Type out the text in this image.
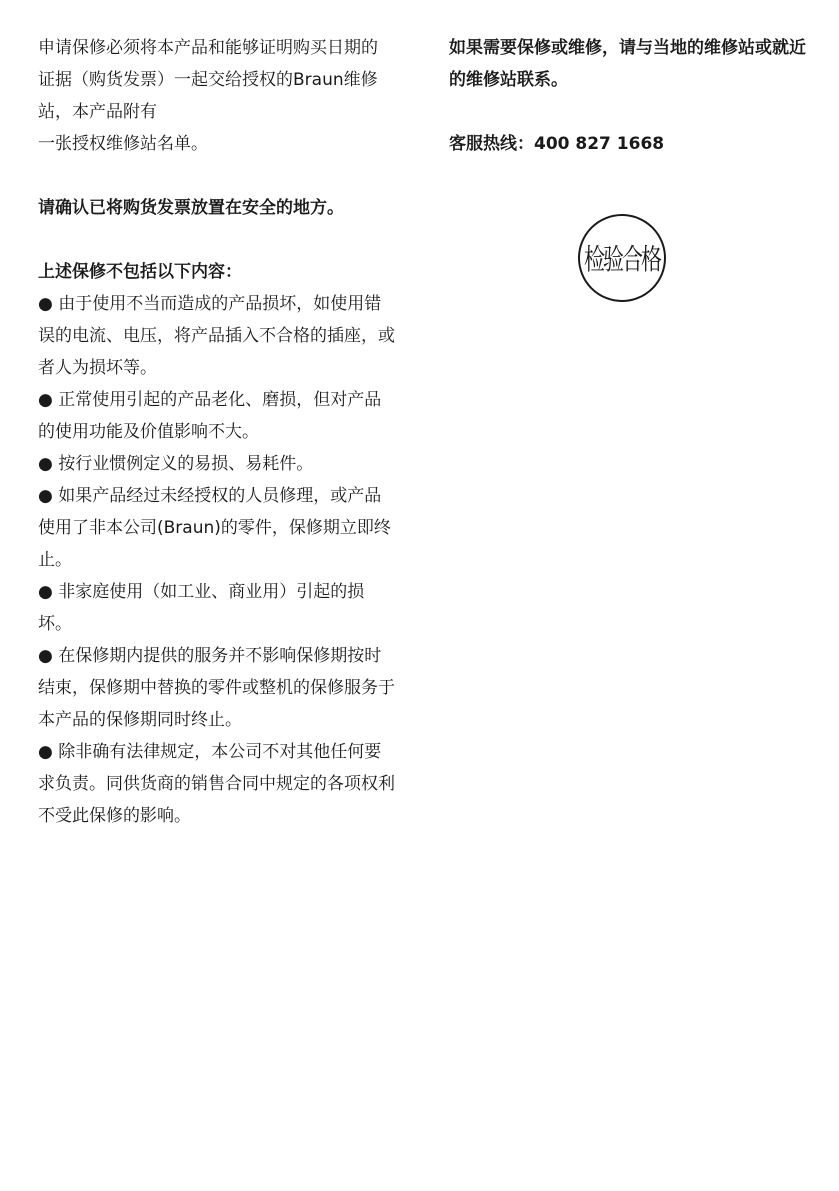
申请保修必须将本产品和能够证明购买日期的证据（购货发票）一起交给授权的Braun维修站，本产品附有

一张授权维修站名单。

请确认已将购货发票放置在安全的地方。

上述保修不包括以下内容：

● 由于使用不当而造成的产品损坏，如使用错误的电流、电压，将产品插入不合格的插座，或者人为损坏等。

● 正常使用引起的产品老化、磨损，但对产品的使用功能及价值影响不大。

● 按行业惯例定义的易损、易耗件。

● 如果产品经过未经授权的人员修理，或产品使用了非本公司(Braun)的零件，保修期立即终止。

● 非家庭使用（如工业、商业用）引起的损坏。

● 在保修期内提供的服务并不影响保修期按时结束，保修期中替换的零件或整机的保修服务于本产品的保修期同时终止。

● 除非确有法律规定，本公司不对其他任何要求负责。同供货商的销售合同中规定的各项权利不受此保修的影响。

如果需要保修或维修，请与当地的维修站或就近的维修站联系。

客服热线：400 827 1668

检验合格
